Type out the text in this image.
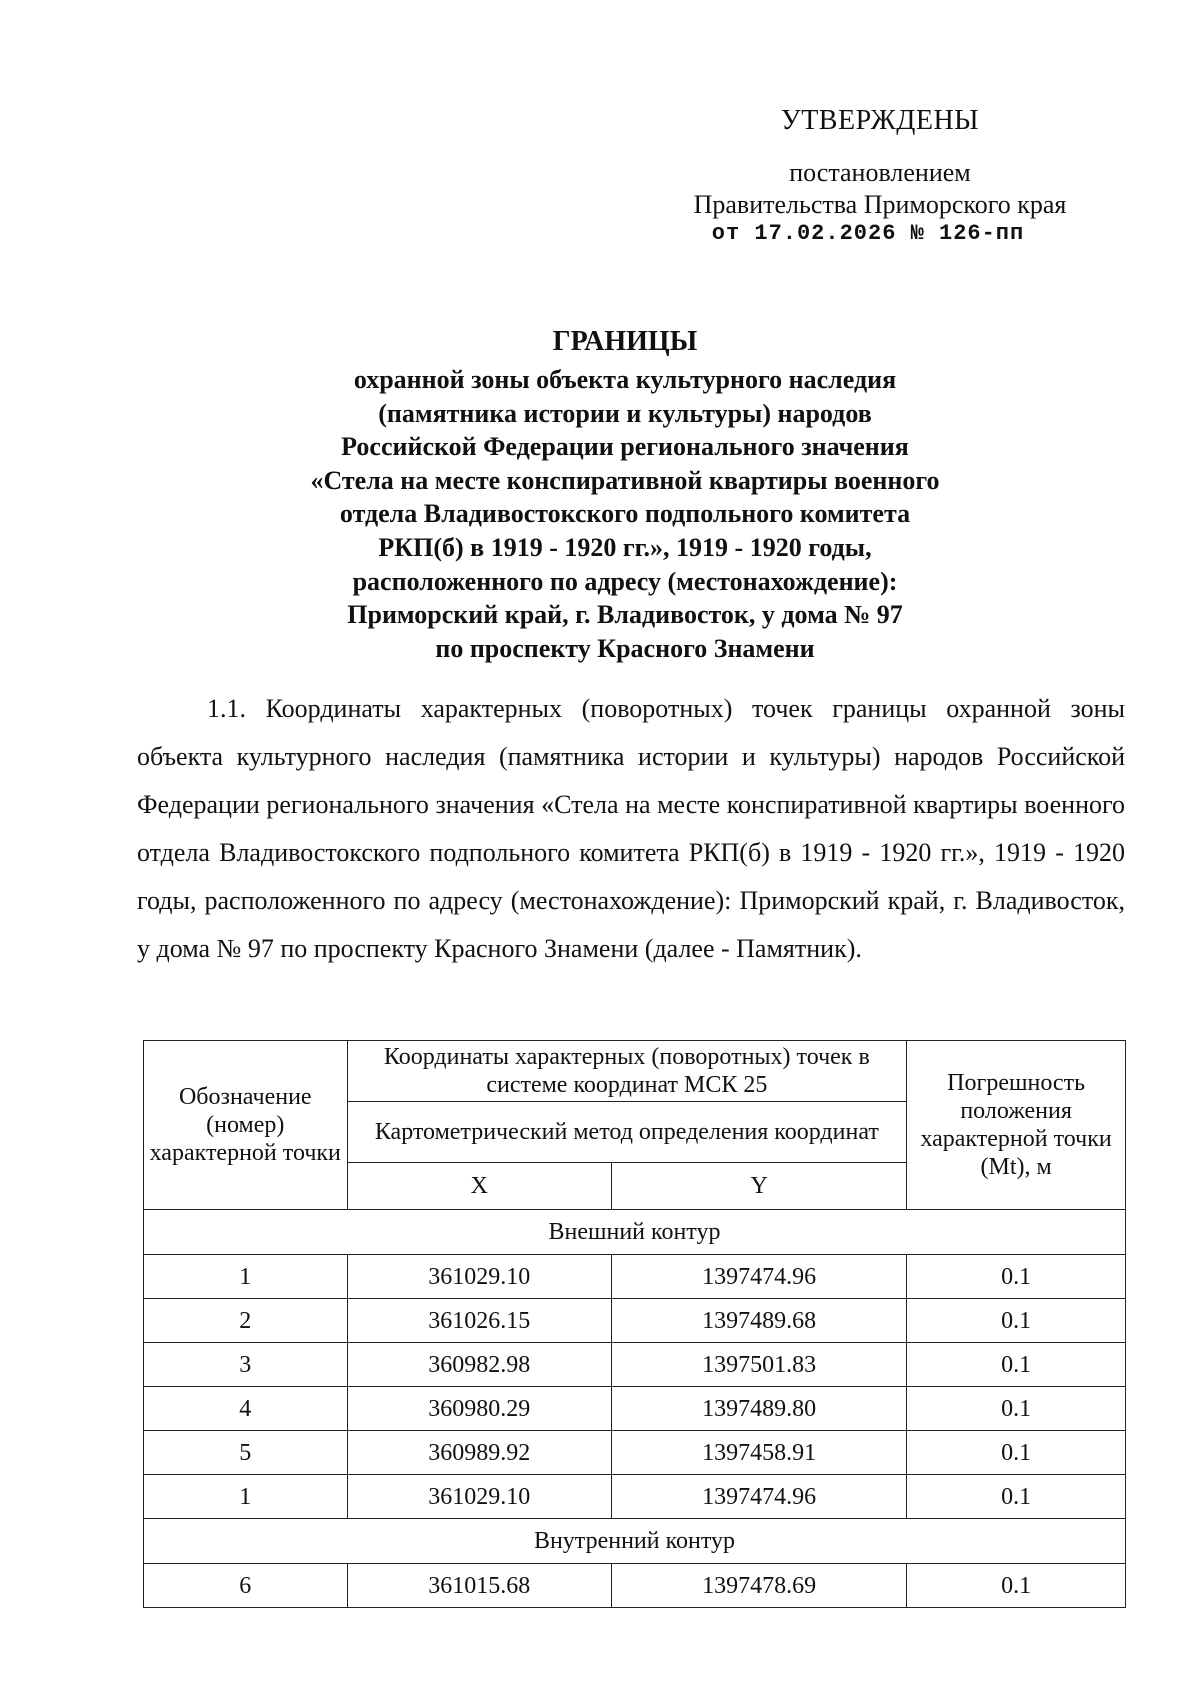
УТВЕРЖДЕНЫ
постановлением
Правительства Приморского края
от 17.02.2026 № 126-пп
ГРАНИЦЫ
охранной зоны объекта культурного наследия
(памятника истории и культуры) народов
Российской Федерации регионального значения
«Стела на месте конспиративной квартиры военного
отдела Владивостокского подпольного комитета
РКП(б) в 1919 - 1920 гг.», 1919 - 1920 годы,
расположенного по адресу (местонахождение):
Приморский край, г. Владивосток, у дома № 97
по проспекту Красного Знамени

1.1. Координаты характерных (поворотных) точек границы охранной зоны объекта культурного наследия (памятника истории и культуры) народов Российской Федерации регионального значения «Стела на месте конспиративной квартиры военного отдела Владивостокского подпольного комитета РКП(б) в 1919 - 1920 гг.», 1919 - 1920 годы, расположенного по адресу (местонахождение): Приморский край, г. Владивосток, у дома № 97 по проспекту Красного Знамени (далее - Памятник).

Обозначение (номер) характерной точки	Координаты характерных (поворотных) точек в системе координат МСК 25		Погрешность положения характерной точки (Mt), м
	Картометрический метод определения координат		
	X	Y	
Внешний контур			
1	361029.10	1397474.96	0.1
2	361026.15	1397489.68	0.1
3	360982.98	1397501.83	0.1
4	360980.29	1397489.80	0.1
5	360989.92	1397458.91	0.1
1	361029.10	1397474.96	0.1
Внутренний контур			
6	361015.68	1397478.69	0.1
